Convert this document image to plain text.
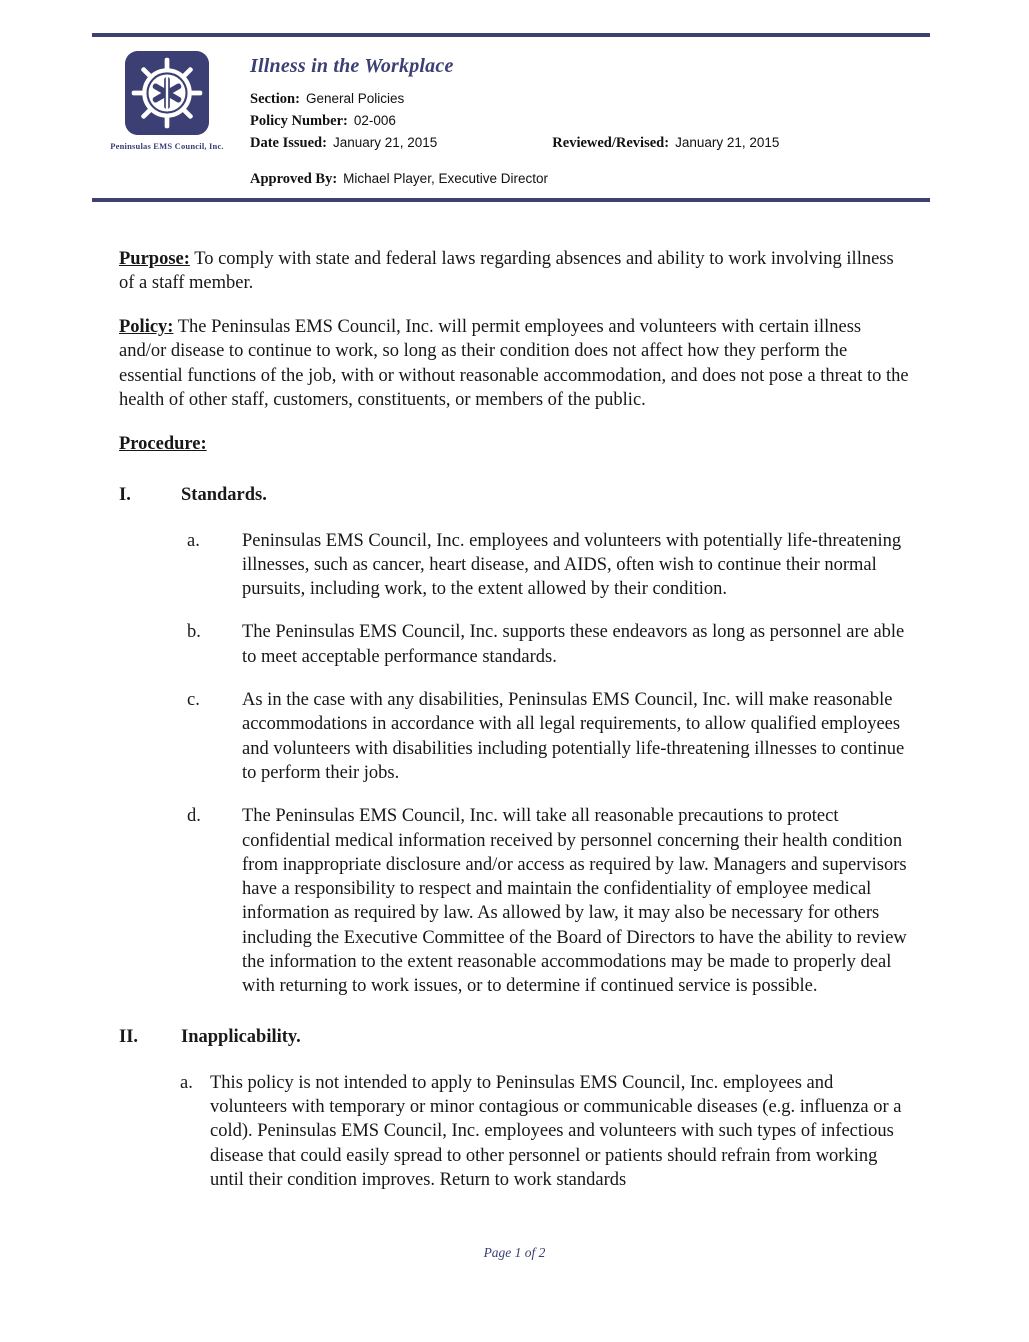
Peninsulas EMS Council, Inc.
Illness in the Workplace
Section: General Policies
Policy Number: 02-006
Date Issued: January 21, 2015	Reviewed/Revised: January 21, 2015
Approved By: Michael Player, Executive Director

Purpose: To comply with state and federal laws regarding absences and ability to work involving illness of a staff member.

Policy: The Peninsulas EMS Council, Inc. will permit employees and volunteers with certain illness and/or disease to continue to work, so long as their condition does not affect how they perform the essential functions of the job, with or without reasonable accommodation, and does not pose a threat to the health of other staff, customers, constituents, or members of the public.

Procedure:

I.	Standards.
a.	Peninsulas EMS Council, Inc. employees and volunteers with potentially life-threatening illnesses, such as cancer, heart disease, and AIDS, often wish to continue their normal pursuits, including work, to the extent allowed by their condition.
b.	The Peninsulas EMS Council, Inc. supports these endeavors as long as personnel are able to meet acceptable performance standards.
c.	As in the case with any disabilities, Peninsulas EMS Council, Inc. will make reasonable accommodations in accordance with all legal requirements, to allow qualified employees and volunteers with disabilities including potentially life-threatening illnesses to continue to perform their jobs.
d.	The Peninsulas EMS Council, Inc. will take all reasonable precautions to protect confidential medical information received by personnel concerning their health condition from inappropriate disclosure and/or access as required by law. Managers and supervisors have a responsibility to respect and maintain the confidentiality of employee medical information as required by law. As allowed by law, it may also be necessary for others including the Executive Committee of the Board of Directors to have the ability to review the information to the extent reasonable accommodations may be made to properly deal with returning to work issues, or to determine if continued service is possible.
II.	Inapplicability.
a. This policy is not intended to apply to Peninsulas EMS Council, Inc. employees and volunteers with temporary or minor contagious or communicable diseases (e.g. influenza or a cold). Peninsulas EMS Council, Inc. employees and volunteers with such types of infectious disease that could easily spread to other personnel or patients should refrain from working until their condition improves. Return to work standards
Page 1 of 2
